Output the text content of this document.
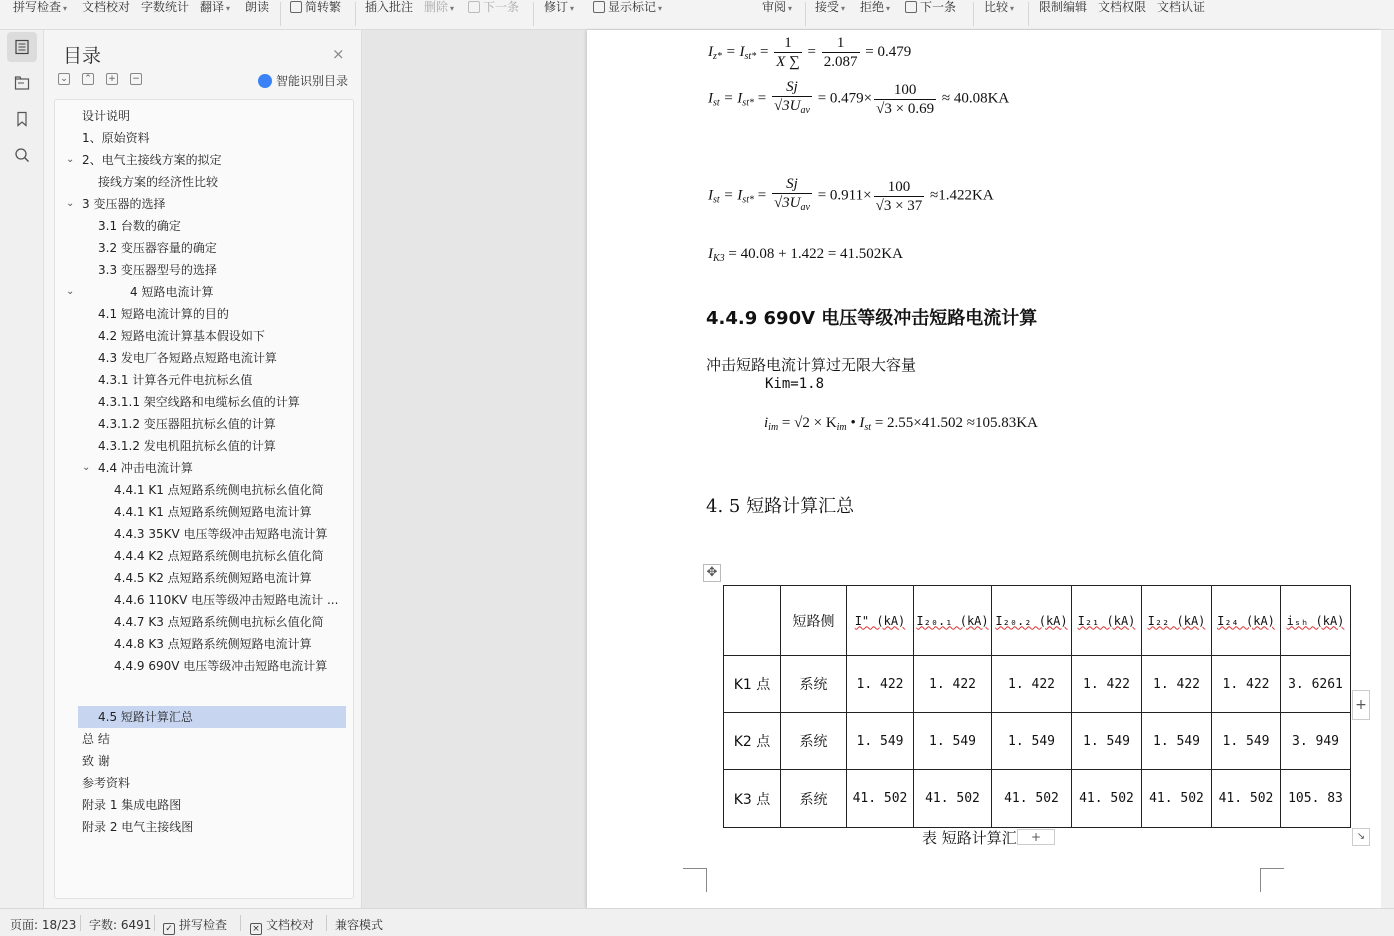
拼写检查 ▾ 文档校对 字数统计 翻译 ▾ 朗读	简转繁 插入批注 删除 ▾	下一条 修订 ▾	显示标记 ▾	审阅 ▾ 接受 ▾ 拒绝 ▾	下一条 比较 ▾ 限制编辑 文档权限 文档认证
目录	×
⌄ ⌃ + −	智能识别目录
设计说明
1、原始资料
⌄ 2、电气主接线方案的拟定
接线方案的经济性比较
⌄ 3 变压器的选择
3.1 台数的确定
3.2 变压器容量的确定
3.3 变压器型号的选择
⌄	4 短路电流计算
4.1 短路电流计算的目的
4.2 短路电流计算基本假设如下
4.3 发电厂各短路点短路电流计算
4.3.1 计算各元件电抗标幺值
4.3.1.1 架空线路和电缆标幺值的计算
4.3.1.2 变压器阻抗标幺值的计算
4.3.1.2 发电机阻抗标幺值的计算
⌄ 4.4 冲击电流计算
4.4.1 K1 点短路系统侧电抗标幺值化简
4.4.1 K1 点短路系统侧短路电流计算
4.4.3 35KV 电压等级冲击短路电流计算
4.4.4 K2 点短路系统侧电抗标幺值化简
4.4.5 K2 点短路系统侧短路电流计算
4.4.6 110KV 电压等级冲击短路电流计 ...
4.4.7 K3 点短路系统侧电抗标幺值化简
4.4.8 K3 点短路系统侧短路电流计算
4.4.9 690V 电压等级冲击短路电流计算
4.5 短路计算汇总
总 结
致 谢
参考资料
附录 1 集成电路图
附录 2 电气主接线图
$I_{z*} = I_{st*} = \frac{1}{X \sum} = \frac{1}{2.087} = 0.479$
$I_{st} = I_{st*} = \frac{Sj}{√3U_{av}} = 0.479\times \frac{100}{√3 \times 0.69} \approx 40.08KA$
$I_{st} = I_{st*} = \frac{Sj}{√3U_{av}} = 0.911\times \frac{100}{√3 \times 37} \approx 1.422KA$
$I_{K3} = 40.08 + 1.422 = 41.502KA$
4.4.9 690V 电压等级冲击短路电流计算
冲击短路电流计算过无限大容量
Kim=1.8
$i_{im} = √2 \times K_{im}$ • $I_{st} = 2.55\times 41.502 \approx 105.83KA$
4. 5 短路计算汇总
✥
	短路侧	I" (kA)	I₂₀.₁ (kA)	I₂₀.₂ (kA)	I₂₁ (kA)	I₂₂ (kA)	I₂₄ (kA)	iₛₕ (kA)
K1 点	系统	1. 422	1. 422	1. 422	1. 422	1. 422	1. 422	3. 6261
K2 点	系统	1. 549	1. 549	1. 549	1. 549	1. 549	1. 549	3. 949
K3 点	系统	41. 502	41. 502	41. 502	41. 502	41. 502	41. 502	105. 83
+
表 短路计算汇	+	↘
页面: 18/23 字数: 6491 ✓ 拼写检查	× 文档校对 兼容模式
